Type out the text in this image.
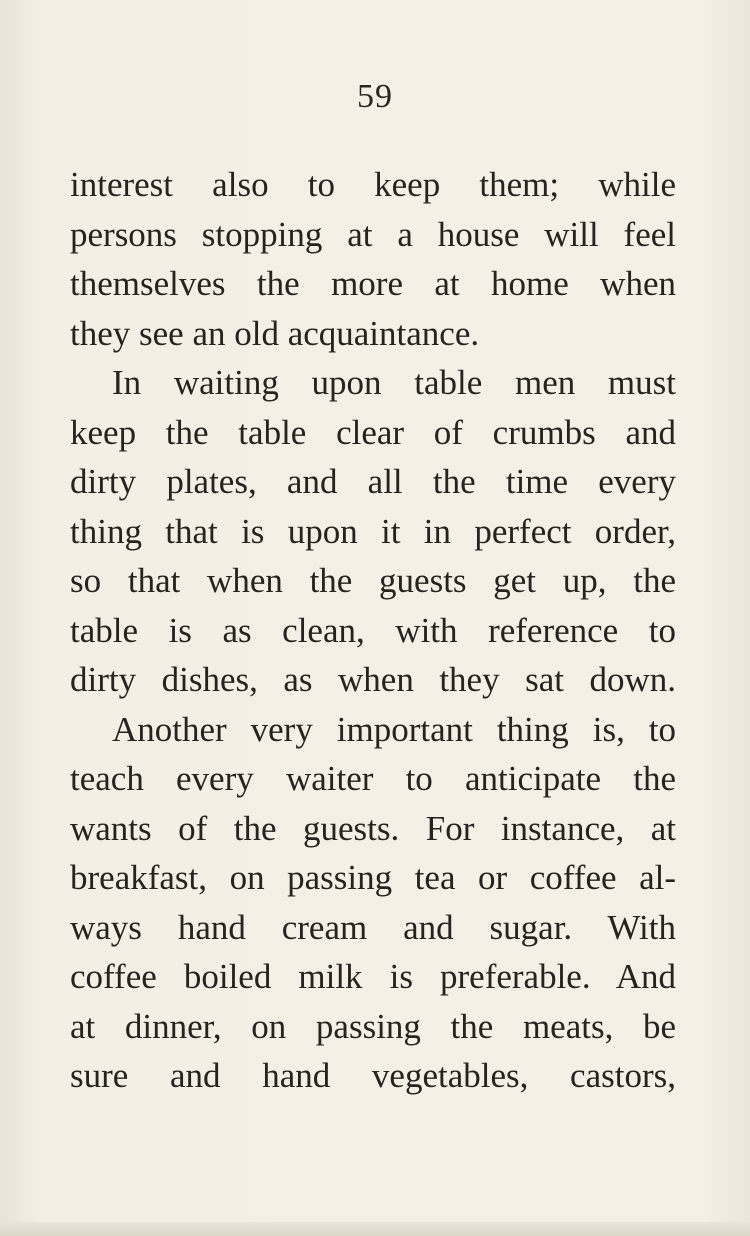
59
interest also to keep them; while
persons stopping at a house will feel
themselves the more at home when
they see an old acquaintance.
In waiting upon table men must
keep the table clear of crumbs and
dirty plates, and all the time every
thing that is upon it in perfect order,
so that when the guests get up, the
table is as clean, with reference to
dirty dishes, as when they sat down.
Another very important thing is, to
teach every waiter to anticipate the
wants of the guests. For instance, at
breakfast, on passing tea or coffee al-
ways hand cream and sugar. With
coffee boiled milk is preferable. And
at dinner, on passing the meats, be
sure and hand vegetables, castors,
